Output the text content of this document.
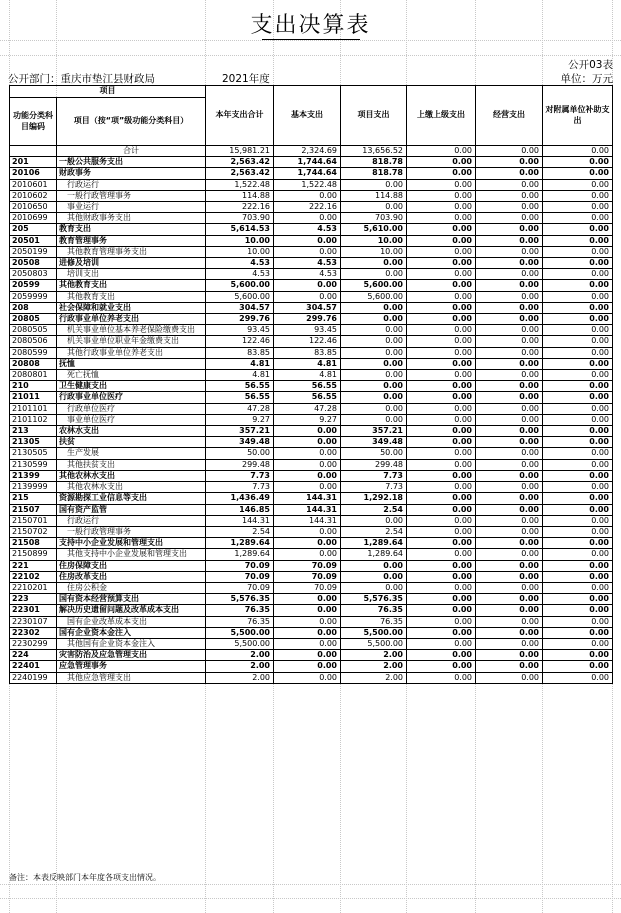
支出决算表
公开03表
公开部门：重庆市垫江县财政局	2021年度	单位：万元
项目		本年支出合计	基本支出	项目支出	上缴上级支出	经营支出	对附属单位补助支出
功能分类科目编码	项目（按“项”级功能分类科目）						
	合计	15,981.21	2,324.69	13,656.52	0.00	0.00	0.00
201	一般公共服务支出	2,563.42	1,744.64	818.78	0.00	0.00	0.00
20106	财政事务	2,563.42	1,744.64	818.78	0.00	0.00	0.00
2010601	行政运行	1,522.48	1,522.48	0.00	0.00	0.00	0.00
2010602	一般行政管理事务	114.88	0.00	114.88	0.00	0.00	0.00
2010650	事业运行	222.16	222.16	0.00	0.00	0.00	0.00
2010699	其他财政事务支出	703.90	0.00	703.90	0.00	0.00	0.00
205	教育支出	5,614.53	4.53	5,610.00	0.00	0.00	0.00
20501	教育管理事务	10.00	0.00	10.00	0.00	0.00	0.00
2050199	其他教育管理事务支出	10.00	0.00	10.00	0.00	0.00	0.00
20508	进修及培训	4.53	4.53	0.00	0.00	0.00	0.00
2050803	培训支出	4.53	4.53	0.00	0.00	0.00	0.00
20599	其他教育支出	5,600.00	0.00	5,600.00	0.00	0.00	0.00
2059999	其他教育支出	5,600.00	0.00	5,600.00	0.00	0.00	0.00
208	社会保障和就业支出	304.57	304.57	0.00	0.00	0.00	0.00
20805	行政事业单位养老支出	299.76	299.76	0.00	0.00	0.00	0.00
2080505	机关事业单位基本养老保险缴费支出	93.45	93.45	0.00	0.00	0.00	0.00
2080506	机关事业单位职业年金缴费支出	122.46	122.46	0.00	0.00	0.00	0.00
2080599	其他行政事业单位养老支出	83.85	83.85	0.00	0.00	0.00	0.00
20808	抚恤	4.81	4.81	0.00	0.00	0.00	0.00
2080801	死亡抚恤	4.81	4.81	0.00	0.00	0.00	0.00
210	卫生健康支出	56.55	56.55	0.00	0.00	0.00	0.00
21011	行政事业单位医疗	56.55	56.55	0.00	0.00	0.00	0.00
2101101	行政单位医疗	47.28	47.28	0.00	0.00	0.00	0.00
2101102	事业单位医疗	9.27	9.27	0.00	0.00	0.00	0.00
213	农林水支出	357.21	0.00	357.21	0.00	0.00	0.00
21305	扶贫	349.48	0.00	349.48	0.00	0.00	0.00
2130505	生产发展	50.00	0.00	50.00	0.00	0.00	0.00
2130599	其他扶贫支出	299.48	0.00	299.48	0.00	0.00	0.00
21399	其他农林水支出	7.73	0.00	7.73	0.00	0.00	0.00
2139999	其他农林水支出	7.73	0.00	7.73	0.00	0.00	0.00
215	资源勘探工业信息等支出	1,436.49	144.31	1,292.18	0.00	0.00	0.00
21507	国有资产监管	146.85	144.31	2.54	0.00	0.00	0.00
2150701	行政运行	144.31	144.31	0.00	0.00	0.00	0.00
2150702	一般行政管理事务	2.54	0.00	2.54	0.00	0.00	0.00
21508	支持中小企业发展和管理支出	1,289.64	0.00	1,289.64	0.00	0.00	0.00
2150899	其他支持中小企业发展和管理支出	1,289.64	0.00	1,289.64	0.00	0.00	0.00
221	住房保障支出	70.09	70.09	0.00	0.00	0.00	0.00
22102	住房改革支出	70.09	70.09	0.00	0.00	0.00	0.00
2210201	住房公积金	70.09	70.09	0.00	0.00	0.00	0.00
223	国有资本经营预算支出	5,576.35	0.00	5,576.35	0.00	0.00	0.00
22301	解决历史遗留问题及改革成本支出	76.35	0.00	76.35	0.00	0.00	0.00
2230107	国有企业改革成本支出	76.35	0.00	76.35	0.00	0.00	0.00
22302	国有企业资本金注入	5,500.00	0.00	5,500.00	0.00	0.00	0.00
2230299	其他国有企业资本金注入	5,500.00	0.00	5,500.00	0.00	0.00	0.00
224	灾害防治及应急管理支出	2.00	0.00	2.00	0.00	0.00	0.00
22401	应急管理事务	2.00	0.00	2.00	0.00	0.00	0.00
2240199	其他应急管理支出	2.00	0.00	2.00	0.00	0.00	0.00
备注：本表反映部门本年度各项支出情况。
